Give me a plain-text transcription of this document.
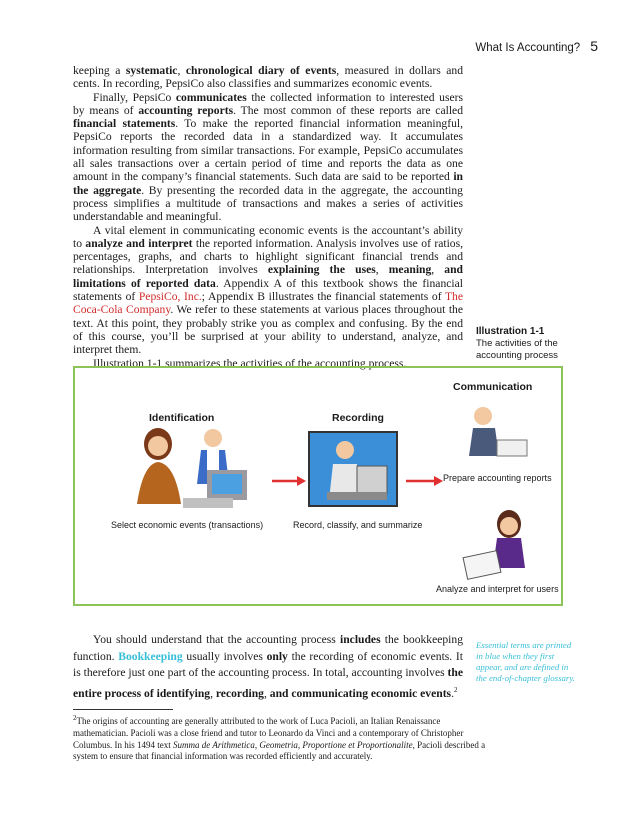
What Is Accounting? 5

keeping a systematic, chronological diary of events, measured in dollars and cents. In recording, PepsiCo also classifies and summarizes economic events.

Finally, PepsiCo communicates the collected information to interested users by means of accounting reports. The most common of these reports are called financial statements. To make the reported financial information meaningful, PepsiCo reports the recorded data in a standardized way. It accumulates information resulting from similar transactions. For example, PepsiCo accumulates all sales transactions over a certain period of time and reports the data as one amount in the company’s financial statements. Such data are said to be reported in the aggregate. By presenting the recorded data in the aggregate, the accounting process simplifies a multitude of transactions and makes a series of activities understandable and meaningful.

A vital element in communicating economic events is the accountant’s ability to analyze and interpret the reported information. Analysis involves use of ratios, percentages, graphs, and charts to highlight significant financial trends and relationships. Interpretation involves explaining the uses, meaning, and limitations of reported data. Appendix A of this textbook shows the financial statements of PepsiCo, Inc.; Appendix B illustrates the financial statements of The Coca-Cola Company. We refer to these statements at various places throughout the text. At this point, they probably strike you as complex and confusing. By the end of this course, you’ll be surprised at your ability to understand, analyze, and interpret them.

Illustration 1-1 summarizes the activities of the accounting process.

Illustration 1-1
The activities of the
accounting process
Identification	Recording
Communication
Select economic events (transactions)	Record, classify, and summarize
Prepare accounting reports
Analyze and interpret for users

You should understand that the accounting process includes the bookkeeping function. Bookkeeping usually involves only the recording of economic events. It is therefore just one part of the accounting process. In total, accounting involves the entire process of identifying, recording, and communicating economic events.$^2$

Essential terms are printed in blue when they first appear, and are defined in the end-of-chapter glossary.
$^2$The origins of accounting are generally attributed to the work of Luca Pacioli, an Italian Renaissance mathematician. Pacioli was a close friend and tutor to Leonardo da Vinci and a contemporary of Christopher Columbus. In his 1494 text Summa de Arithmetica, Geometria, Proportione et Proportionalite, Pacioli described a system to ensure that financial information was recorded efficiently and accurately.
